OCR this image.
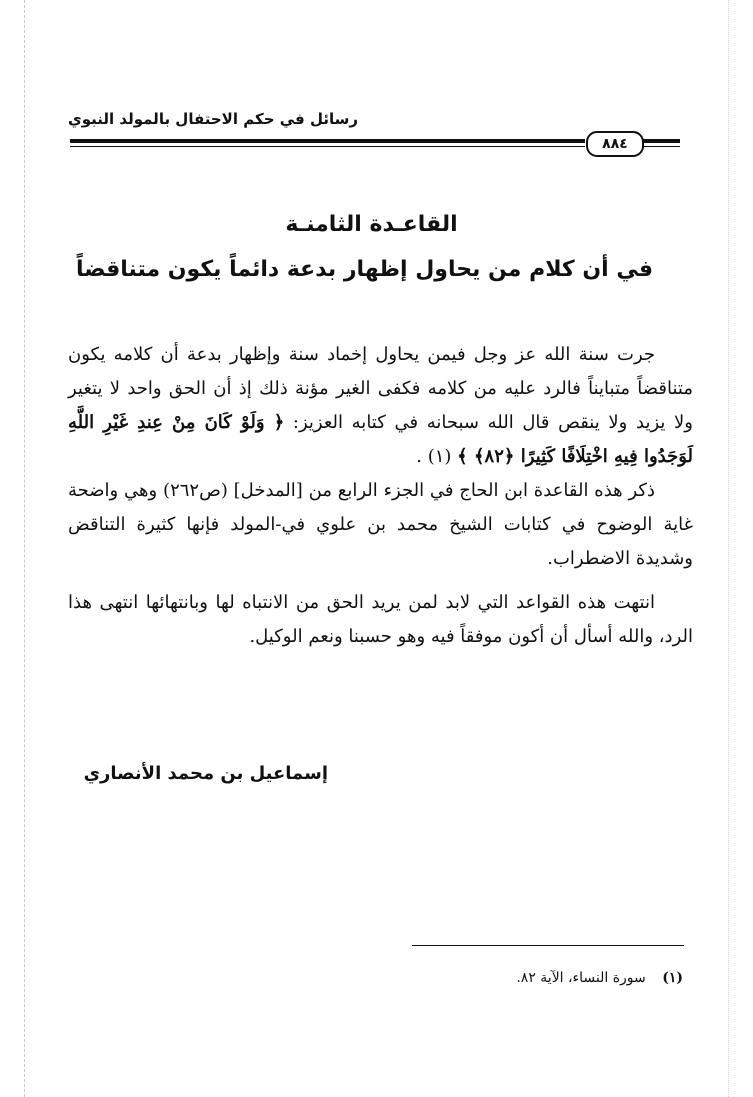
رسائل في حكم الاحتفال بالمولد النبوي
٨٨٤
القاعـدة الثامنـة
في أن كلام من يحاول إظهار بدعة دائماً يكون متناقضاً

جرت سنة الله عز وجل فيمن يحاول إخماد سنة وإظهار بدعة أن كلامه يكون متناقضاً متبايناً فالرد عليه من كلامه فكفى الغير مؤنة ذلك إذ أن الحق واحد لا يتغير ولا يزيد ولا ينقص قال الله سبحانه في كتابه العزيز: ﴿ وَلَوْ كَانَ مِنْ عِندِ غَيْرِ اللَّهِ لَوَجَدُوا فِيهِ اخْتِلَافًا كَثِيرًا ﴿٨٢﴾ ﴾ (١) .

ذكر هذه القاعدة ابن الحاج في الجزء الرابع من [المدخل] (ص٢٦٢) وهي واضحة غاية الوضوح في كتابات الشيخ محمد بن علوي في-المولد فإنها كثيرة التناقض وشديدة الاضطراب.

انتهت هذه القواعد التي لابد لمن يريد الحق من الانتباه لها وبانتهائها انتهى هذا الرد، والله أسأل أن أكون موفقاً فيه وهو حسبنا ونعم الوكيل.

إسماعيل بن محمد الأنصاري
(١) سورة النساء، الآية ٨٢.
